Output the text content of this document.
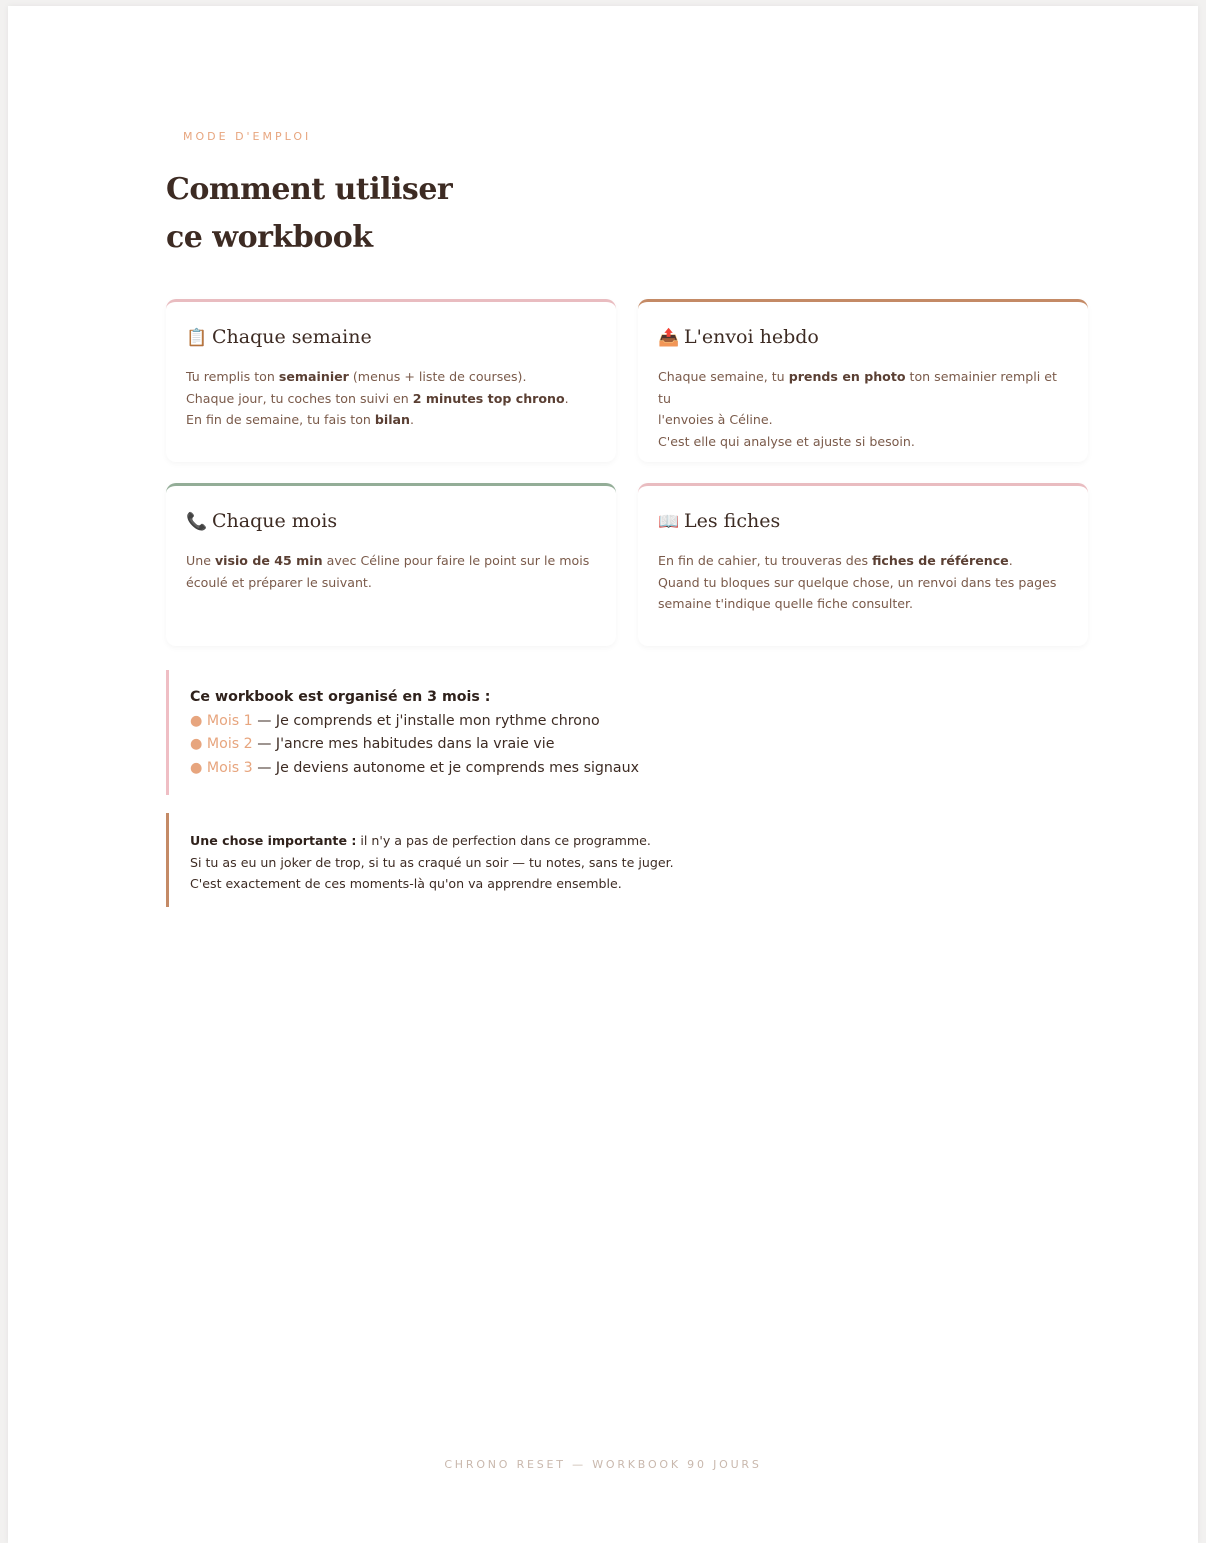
MODE D'EMPLOI
Comment utiliser
ce workbook
📋 Chaque semaine
Tu remplis ton semainier (menus + liste de courses).
Chaque jour, tu coches ton suivi en 2 minutes top chrono.
En fin de semaine, tu fais ton bilan.
📤 L'envoi hebdo
Chaque semaine, tu prends en photo ton semainier rempli et tu
l'envoies à Céline.
C'est elle qui analyse et ajuste si besoin.
📞 Chaque mois
Une visio de 45 min avec Céline pour faire le point sur le mois
écoulé et préparer le suivant.
📖 Les fiches
En fin de cahier, tu trouveras des fiches de référence.
Quand tu bloques sur quelque chose, un renvoi dans tes pages
semaine t'indique quelle fiche consulter.
Ce workbook est organisé en 3 mois :
● Mois 1 — Je comprends et j'installe mon rythme chrono
● Mois 2 — J'ancre mes habitudes dans la vraie vie
● Mois 3 — Je deviens autonome et je comprends mes signaux
Une chose importante : il n'y a pas de perfection dans ce programme.
Si tu as eu un joker de trop, si tu as craqué un soir — tu notes, sans te juger.
C'est exactement de ces moments-là qu'on va apprendre ensemble.
CHRONO RESET — WORKBOOK 90 JOURS
